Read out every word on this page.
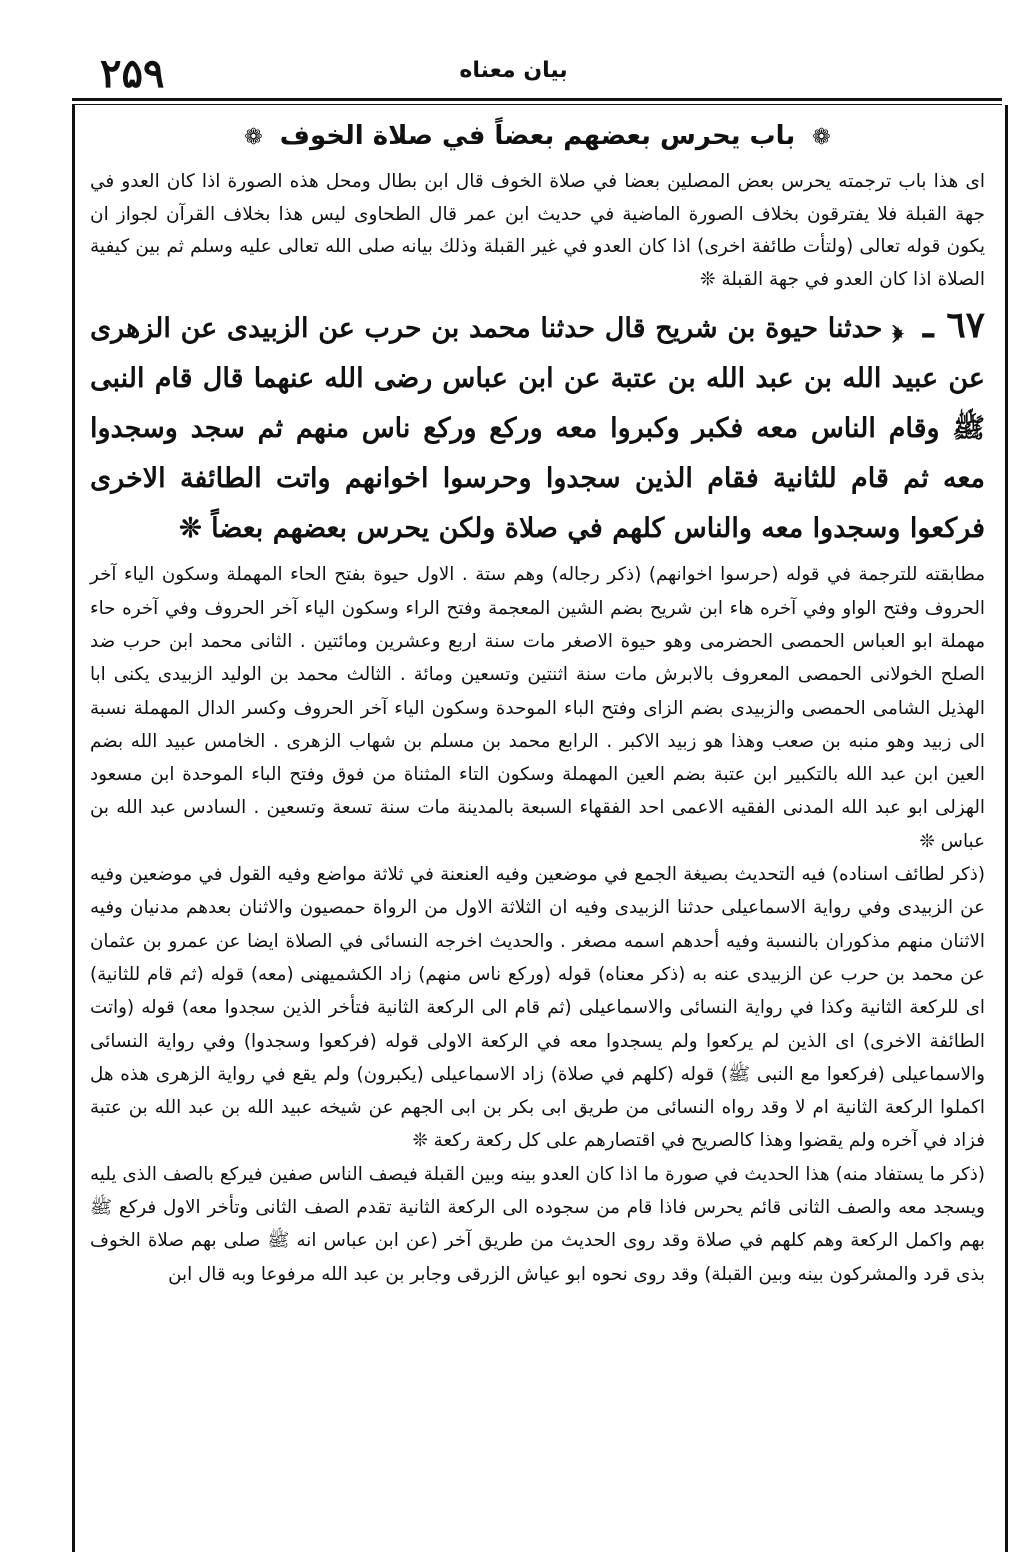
۲۵۹	بيان معناه
❁ باب يحرس بعضهم بعضاً في صلاة الخوف ❁

اى هذا باب ترجمته يحرس بعض المصلين بعضا في صلاة الخوف قال ابن بطال ومحل هذه الصورة اذا كان العدو في جهة القبلة فلا يفترقون بخلاف الصورة الماضية في حديث ابن عمر قال الطحاوى ليس هذا بخلاف القرآن لجواز ان يكون قوله تعالى (ولتأت طائفة اخرى) اذا كان العدو في غير القبلة وذلك بيانه صلى الله تعالى عليه وسلم ثم بين كيفية الصلاة اذا كان العدو في جهة القبلة ❊

٦٧ ـ ﴿ حدثنا حيوة بن شريح قال حدثنا محمد بن حرب عن الزبيدى عن الزهرى عن عبيد الله بن عبد الله بن عتبة عن ابن عباس رضى الله عنهما قال قام النبى ﷺ وقام الناس معه فكبر وكبروا معه وركع وركع ناس منهم ثم سجد وسجدوا معه ثم قام للثانية فقام الذين سجدوا وحرسوا اخوانهم واتت الطائفة الاخرى فركعوا وسجدوا معه والناس كلهم في صلاة ولكن يحرس بعضهم بعضاً ❊

مطابقته للترجمة في قوله (حرسوا اخوانهم) (ذكر رجاله) وهم ستة . الاول حيوة بفتح الحاء المهملة وسكون الياء آخر الحروف وفتح الواو وفي آخره هاء ابن شريح بضم الشين المعجمة وفتح الراء وسكون الياء آخر الحروف وفي آخره حاء مهملة ابو العباس الحمصى الحضرمى وهو حيوة الاصغر مات سنة اربع وعشرين ومائتين . الثانى محمد ابن حرب ضد الصلح الخولانى الحمصى المعروف بالابرش مات سنة اثنتين وتسعين ومائة . الثالث محمد بن الوليد الزبيدى يكنى ابا الهذيل الشامى الحمصى والزبيدى بضم الزاى وفتح الباء الموحدة وسكون الياء آخر الحروف وكسر الدال المهملة نسبة الى زبيد وهو منبه بن صعب وهذا هو زبيد الاكبر . الرابع محمد بن مسلم بن شهاب الزهرى . الخامس عبيد الله بضم العين ابن عبد الله بالتكبير ابن عتبة بضم العين المهملة وسكون التاء المثناة من فوق وفتح الباء الموحدة ابن مسعود الهزلى ابو عبد الله المدنى الفقيه الاعمى احد الفقهاء السبعة بالمدينة مات سنة تسعة وتسعين . السادس عبد الله بن عباس ❊

(ذكر لطائف اسناده) فيه التحديث بصيغة الجمع في موضعين وفيه العنعنة في ثلاثة مواضع وفيه القول في موضعين وفيه عن الزبيدى وفي رواية الاسماعيلى حدثنا الزبيدى وفيه ان الثلاثة الاول من الرواة حمصيون والاثنان بعدهم مدنيان وفيه الاثنان منهم مذكوران بالنسبة وفيه أحدهم اسمه مصغر . والحديث اخرجه النسائى في الصلاة ايضا عن عمرو بن عثمان عن محمد بن حرب عن الزبيدى عنه به (ذكر معناه) قوله (وركع ناس منهم) زاد الكشميهنى (معه) قوله (ثم قام للثانية) اى للركعة الثانية وكذا في رواية النسائى والاسماعيلى (ثم قام الى الركعة الثانية فتأخر الذين سجدوا معه) قوله (واتت الطائفة الاخرى) اى الذين لم يركعوا ولم يسجدوا معه في الركعة الاولى قوله (فركعوا وسجدوا) وفي رواية النسائى والاسماعيلى (فركعوا مع النبى ﷺ) قوله (كلهم في صلاة) زاد الاسماعيلى (يكبرون) ولم يقع في رواية الزهرى هذه هل اكملوا الركعة الثانية ام لا وقد رواه النسائى من طريق ابى بكر بن ابى الجهم عن شيخه عبيد الله بن عبد الله بن عتبة فزاد في آخره ولم يقضوا وهذا كالصريح في اقتصارهم على كل ركعة ركعة ❊

(ذكر ما يستفاد منه) هذا الحديث في صورة ما اذا كان العدو بينه وبين القبلة فيصف الناس صفين فيركع بالصف الذى يليه ويسجد معه والصف الثانى قائم يحرس فاذا قام من سجوده الى الركعة الثانية تقدم الصف الثانى وتأخر الاول فركع ﷺ بهم واكمل الركعة وهم كلهم في صلاة وقد روى الحديث من طريق آخر (عن ابن عباس انه ﷺ صلى بهم صلاة الخوف بذى قرد والمشركون بينه وبين القبلة) وقد روى نحوه ابو عياش الزرقى وجابر بن عبد الله مرفوعا وبه قال ابن
